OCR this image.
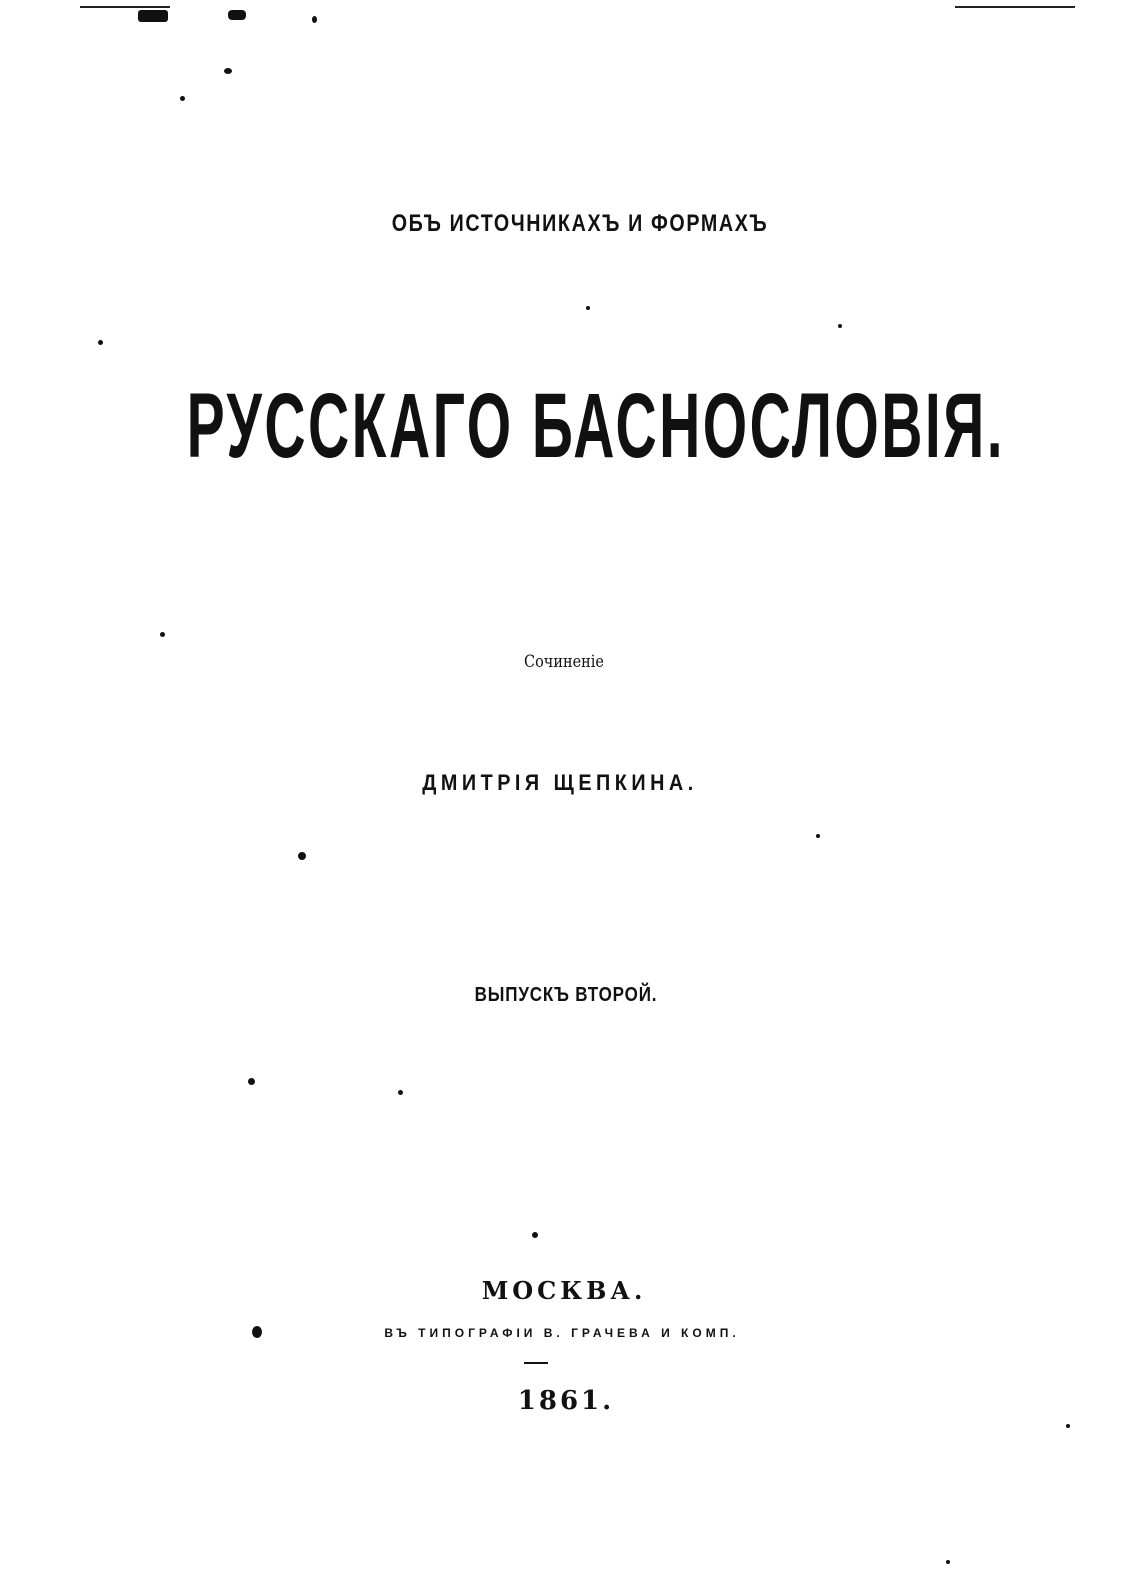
ОБЪ ИСТОЧНИКАХЪ И ФОРМАХЪ
РУССКАГО БАСНОСЛОВІЯ.
Сочиненіе
ДМИТРІЯ ЩЕПКИНА.
ВЫПУСКЪ ВТОРОЙ.
МОСКВА.
ВЪ ТИПОГРАФІИ В. ГРАЧЕВА И КОМП.
1861.
